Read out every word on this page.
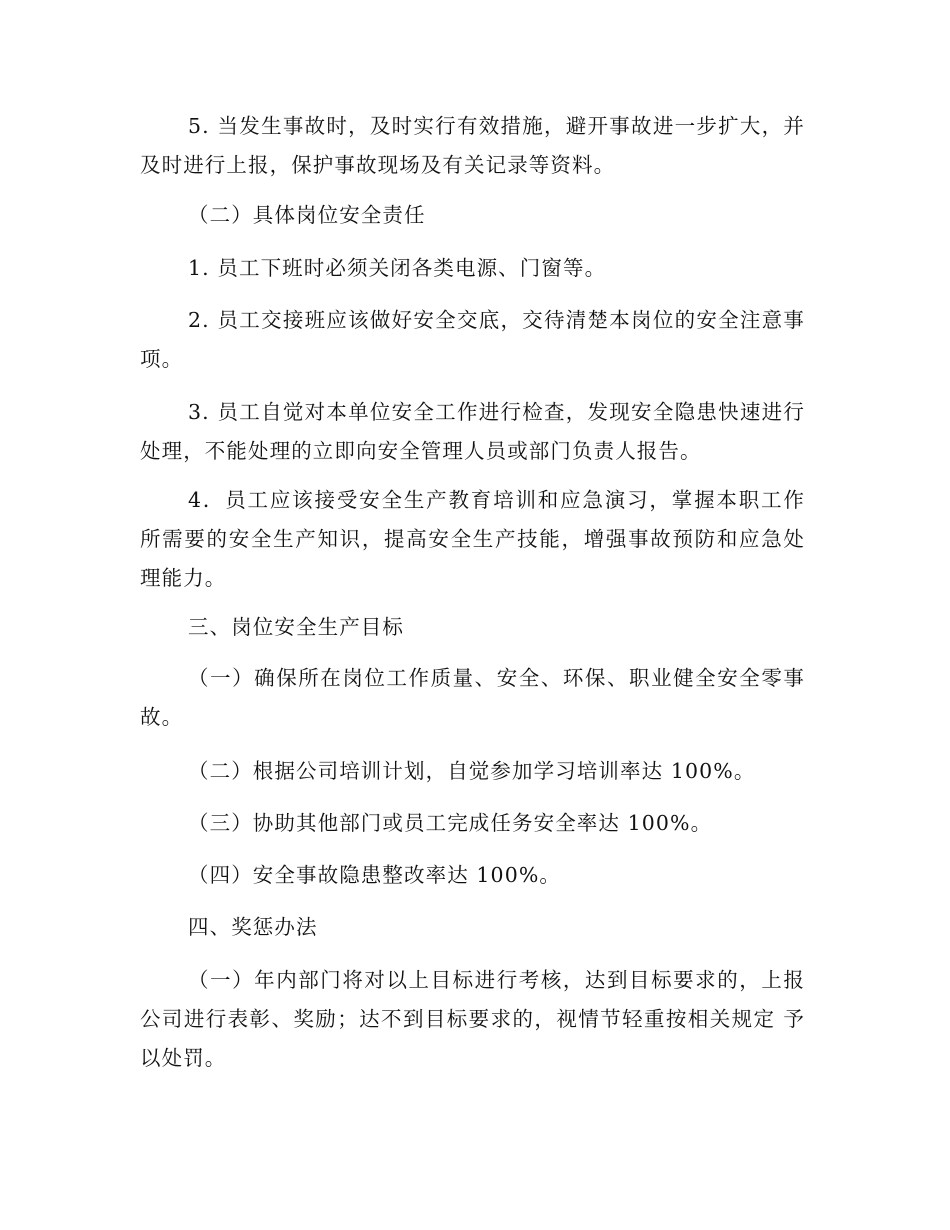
5. 当发生事故时，及时实行有效措施，避开事故进一步扩大，并及时进行上报，保护事故现场及有关记录等资料。

（二）具体岗位安全责任

1. 员工下班时必须关闭各类电源、门窗等。

2. 员工交接班应该做好安全交底，交待清楚本岗位的安全注意事项。

3. 员工自觉对本单位安全工作进行检查，发现安全隐患快速进行处理，不能处理的立即向安全管理人员或部门负责人报告。

4．员工应该接受安全生产教育培训和应急演习，掌握本职工作所需要的安全生产知识，提高安全生产技能，增强事故预防和应急处理能力。

三、岗位安全生产目标

（一）确保所在岗位工作质量、安全、环保、职业健全安全零事故。

（二）根据公司培训计划，自觉参加学习培训率达 100%。

（三）协助其他部门或员工完成任务安全率达 100%。

（四）安全事故隐患整改率达 100%。

四、奖惩办法

（一）年内部门将对以上目标进行考核，达到目标要求的，上报公司进行表彰、奖励；达不到目标要求的，视情节轻重按相关规定 予以处罚。
